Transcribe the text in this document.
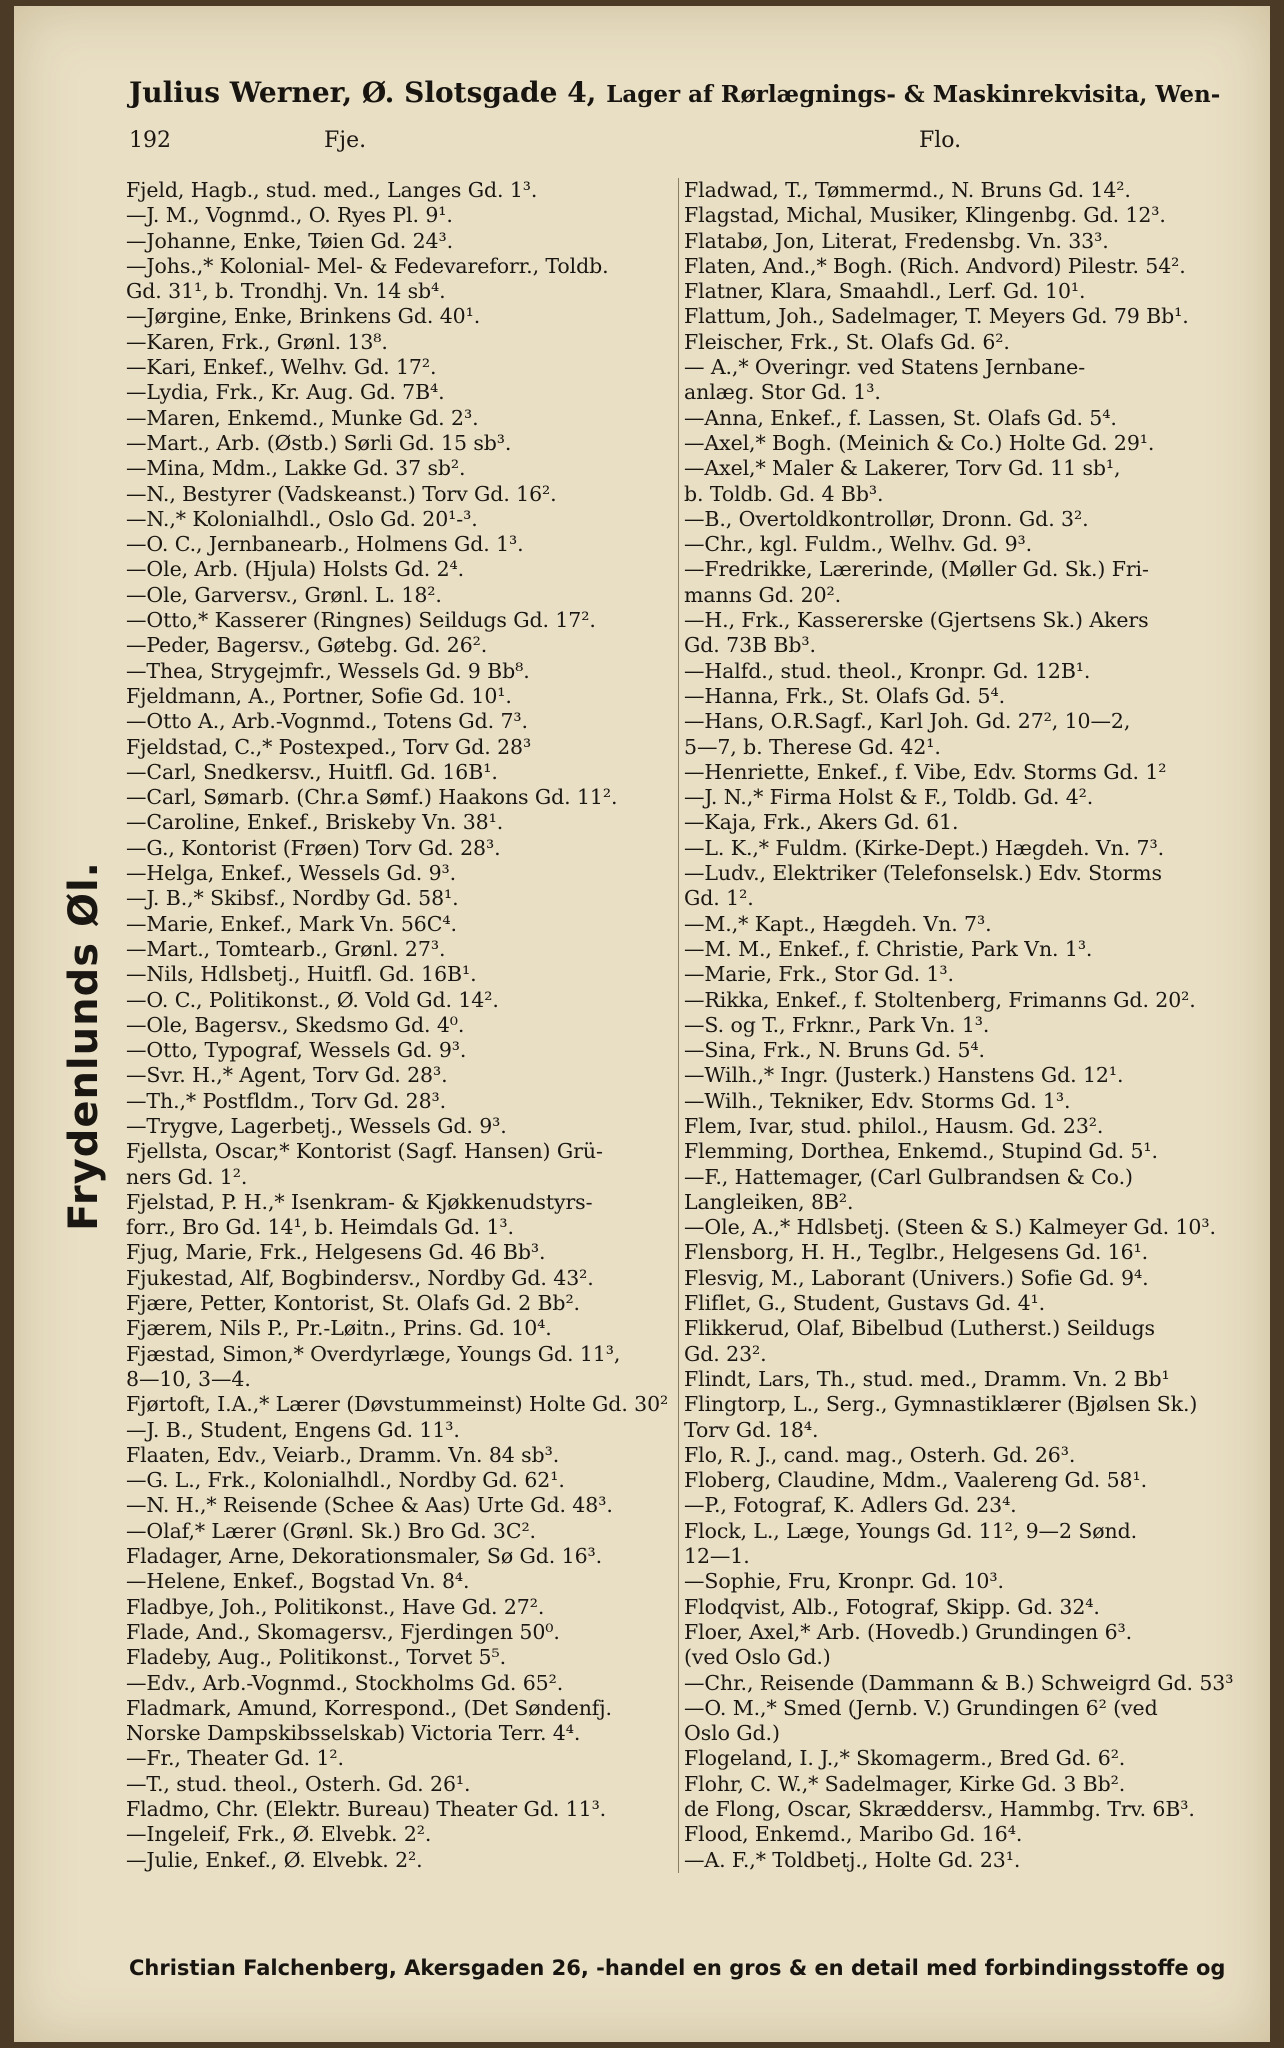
Julius Werner, Ø. Slotsgade 4, Lager af Rørlægnings- & Maskinrekvisita, Wen-
192	Fje.	Flo.
Frydenlunds Øl.
Fjeld, Hagb., stud. med., Langes Gd. 1³.
—J. M., Vognmd., O. Ryes Pl. 9¹.
—Johanne, Enke, Tøien Gd. 24³.
—Johs.,* Kolonial- Mel- & Fedevareforr., Toldb.
Gd. 31¹, b. Trondhj. Vn. 14 sb⁴.
—Jørgine, Enke, Brinkens Gd. 40¹.
—Karen, Frk., Grønl. 13⁸.
—Kari, Enkef., Welhv. Gd. 17².
—Lydia, Frk., Kr. Aug. Gd. 7B⁴.
—Maren, Enkemd., Munke Gd. 2³.
—Mart., Arb. (Østb.) Sørli Gd. 15 sb³.
—Mina, Mdm., Lakke Gd. 37 sb².
—N., Bestyrer (Vadskeanst.) Torv Gd. 16².
—N.,* Kolonialhdl., Oslo Gd. 20¹-³.
—O. C., Jernbanearb., Holmens Gd. 1³.
—Ole, Arb. (Hjula) Holsts Gd. 2⁴.
—Ole, Garversv., Grønl. L. 18².
—Otto,* Kasserer (Ringnes) Seildugs Gd. 17².
—Peder, Bagersv., Gøtebg. Gd. 26².
—Thea, Strygejmfr., Wessels Gd. 9 Bb⁸.
Fjeldmann, A., Portner, Sofie Gd. 10¹.
—Otto A., Arb.-Vognmd., Totens Gd. 7³.
Fjeldstad, C.,* Postexped., Torv Gd. 28³
—Carl, Snedkersv., Huitfl. Gd. 16B¹.
—Carl, Sømarb. (Chr.a Sømf.) Haakons Gd. 11².
—Caroline, Enkef., Briskeby Vn. 38¹.
—G., Kontorist (Frøen) Torv Gd. 28³.
—Helga, Enkef., Wessels Gd. 9³.
—J. B.,* Skibsf., Nordby Gd. 58¹.
—Marie, Enkef., Mark Vn. 56C⁴.
—Mart., Tomtearb., Grønl. 27³.
—Nils, Hdlsbetj., Huitfl. Gd. 16B¹.
—O. C., Politikonst., Ø. Vold Gd. 14².
—Ole, Bagersv., Skedsmo Gd. 4⁰.
—Otto, Typograf, Wessels Gd. 9³.
—Svr. H.,* Agent, Torv Gd. 28³.
—Th.,* Postfldm., Torv Gd. 28³.
—Trygve, Lagerbetj., Wessels Gd. 9³.
Fjellsta, Oscar,* Kontorist (Sagf. Hansen) Grü-
ners Gd. 1².
Fjelstad, P. H.,* Isenkram- & Kjøkkenudstyrs-
forr., Bro Gd. 14¹, b. Heimdals Gd. 1³.
Fjug, Marie, Frk., Helgesens Gd. 46 Bb³.
Fjukestad, Alf, Bogbindersv., Nordby Gd. 43².
Fjære, Petter, Kontorist, St. Olafs Gd. 2 Bb².
Fjærem, Nils P., Pr.-Løitn., Prins. Gd. 10⁴.
Fjæstad, Simon,* Overdyrlæge, Youngs Gd. 11³,
8—10, 3—4.
Fjørtoft, I.A.,* Lærer (Døvstummeinst) Holte Gd. 30²
—J. B., Student, Engens Gd. 11³.
Flaaten, Edv., Veiarb., Dramm. Vn. 84 sb³.
—G. L., Frk., Kolonialhdl., Nordby Gd. 62¹.
—N. H.,* Reisende (Schee & Aas) Urte Gd. 48³.
—Olaf,* Lærer (Grønl. Sk.) Bro Gd. 3C².
Fladager, Arne, Dekorationsmaler, Sø Gd. 16³.
—Helene, Enkef., Bogstad Vn. 8⁴.
Fladbye, Joh., Politikonst., Have Gd. 27².
Flade, And., Skomagersv., Fjerdingen 50⁰.
Fladeby, Aug., Politikonst., Torvet 5⁵.
—Edv., Arb.-Vognmd., Stockholms Gd. 65².
Fladmark, Amund, Korrespond., (Det Søndenfj.
Norske Dampskibsselskab) Victoria Terr. 4⁴.
—Fr., Theater Gd. 1².
—T., stud. theol., Osterh. Gd. 26¹.
Fladmo, Chr. (Elektr. Bureau) Theater Gd. 11³.
—Ingeleif, Frk., Ø. Elvebk. 2².
—Julie, Enkef., Ø. Elvebk. 2².
Fladwad, T., Tømmermd., N. Bruns Gd. 14².
Flagstad, Michal, Musiker, Klingenbg. Gd. 12³.
Flatabø, Jon, Literat, Fredensbg. Vn. 33³.
Flaten, And.,* Bogh. (Rich. Andvord) Pilestr. 54².
Flatner, Klara, Smaahdl., Lerf. Gd. 10¹.
Flattum, Joh., Sadelmager, T. Meyers Gd. 79 Bb¹.
Fleischer, Frk., St. Olafs Gd. 6².
— A.,* Overingr. ved Statens Jernbane-
anlæg. Stor Gd. 1³.
—Anna, Enkef., f. Lassen, St. Olafs Gd. 5⁴.
—Axel,* Bogh. (Meinich & Co.) Holte Gd. 29¹.
—Axel,* Maler & Lakerer, Torv Gd. 11 sb¹,
b. Toldb. Gd. 4 Bb³.
—B., Overtoldkontrollør, Dronn. Gd. 3².
—Chr., kgl. Fuldm., Welhv. Gd. 9³.
—Fredrikke, Lærerinde, (Møller Gd. Sk.) Fri-
manns Gd. 20².
—H., Frk., Kassererske (Gjertsens Sk.) Akers
Gd. 73B Bb³.
—Halfd., stud. theol., Kronpr. Gd. 12B¹.
—Hanna, Frk., St. Olafs Gd. 5⁴.
—Hans, O.R.Sagf., Karl Joh. Gd. 27², 10—2,
5—7, b. Therese Gd. 42¹.
—Henriette, Enkef., f. Vibe, Edv. Storms Gd. 1²
—J. N.,* Firma Holst & F., Toldb. Gd. 4².
—Kaja, Frk., Akers Gd. 61.
—L. K.,* Fuldm. (Kirke-Dept.) Hægdeh. Vn. 7³.
—Ludv., Elektriker (Telefonselsk.) Edv. Storms
Gd. 1².
—M.,* Kapt., Hægdeh. Vn. 7³.
—M. M., Enkef., f. Christie, Park Vn. 1³.
—Marie, Frk., Stor Gd. 1³.
—Rikka, Enkef., f. Stoltenberg, Frimanns Gd. 20².
—S. og T., Frknr., Park Vn. 1³.
—Sina, Frk., N. Bruns Gd. 5⁴.
—Wilh.,* Ingr. (Justerk.) Hanstens Gd. 12¹.
—Wilh., Tekniker, Edv. Storms Gd. 1³.
Flem, Ivar, stud. philol., Hausm. Gd. 23².
Flemming, Dorthea, Enkemd., Stupind Gd. 5¹.
—F., Hattemager, (Carl Gulbrandsen & Co.)
Langleiken, 8B².
—Ole, A.,* Hdlsbetj. (Steen & S.) Kalmeyer Gd. 10³.
Flensborg, H. H., Teglbr., Helgesens Gd. 16¹.
Flesvig, M., Laborant (Univers.) Sofie Gd. 9⁴.
Fliflet, G., Student, Gustavs Gd. 4¹.
Flikkerud, Olaf, Bibelbud (Lutherst.) Seildugs
Gd. 23².
Flindt, Lars, Th., stud. med., Dramm. Vn. 2 Bb¹
Flingtorp, L., Serg., Gymnastiklærer (Bjølsen Sk.)
Torv Gd. 18⁴.
Flo, R. J., cand. mag., Osterh. Gd. 26³.
Floberg, Claudine, Mdm., Vaalereng Gd. 58¹.
—P., Fotograf, K. Adlers Gd. 23⁴.
Flock, L., Læge, Youngs Gd. 11², 9—2 Sønd.
12—1.
—Sophie, Fru, Kronpr. Gd. 10³.
Flodqvist, Alb., Fotograf, Skipp. Gd. 32⁴.
Floer, Axel,* Arb. (Hovedb.) Grundingen 6³.
(ved Oslo Gd.)
—Chr., Reisende (Dammann & B.) Schweigrd Gd. 53³
—O. M.,* Smed (Jernb. V.) Grundingen 6² (ved
Oslo Gd.)
Flogeland, I. J.,* Skomagerm., Bred Gd. 6².
Flohr, C. W.,* Sadelmager, Kirke Gd. 3 Bb².
de Flong, Oscar, Skræddersv., Hammbg. Trv. 6B³.
Flood, Enkemd., Maribo Gd. 16⁴.
—A. F.,* Toldbetj., Holte Gd. 23¹.
Christian Falchenberg, Akersgaden 26, -handel en gros & en detail med forbindingsstoffe og
